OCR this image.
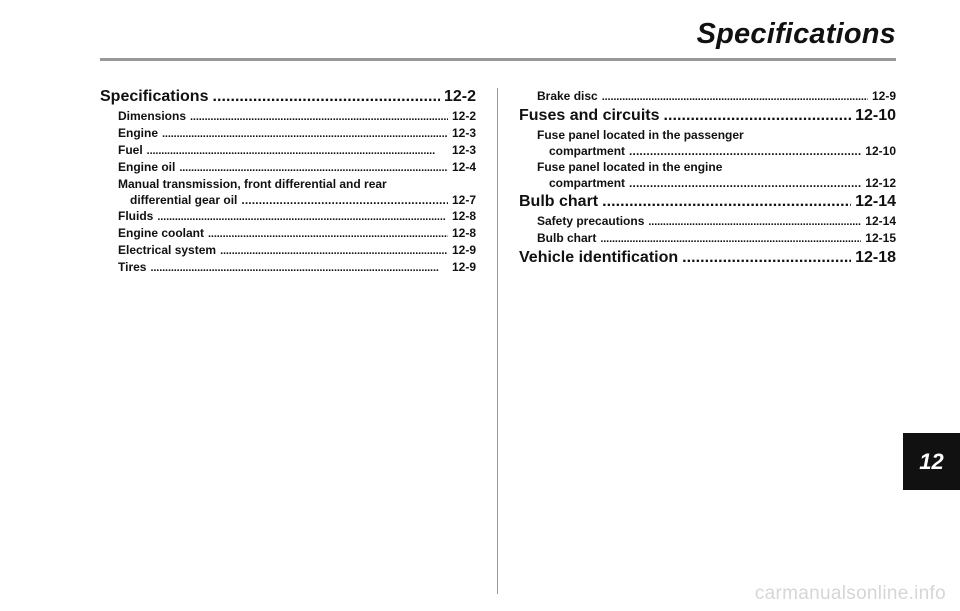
Specifications
Specifications . . .	12-2
Dimensions . . .	12-2
Engine . . .	12-3
Fuel . . .	12-3
Engine oil . . .	12-4
Manual transmission, front differential and rear
differential gear oil . . .	12-7
Fluids . . .	12-8
Engine coolant . . .	12-8
Electrical system . . .	12-9
Tires . . .	12-9
Brake disc . . .	12-9
Fuses and circuits . . .	12-10
Fuse panel located in the passenger
compartment . . .	12-10
Fuse panel located in the engine
compartment . . .	12-12
Bulb chart . . .	12-14
Safety precautions . . .	12-14
Bulb chart . . .	12-15
Vehicle identification . . .	12-18
12
carmanualsonline.info
